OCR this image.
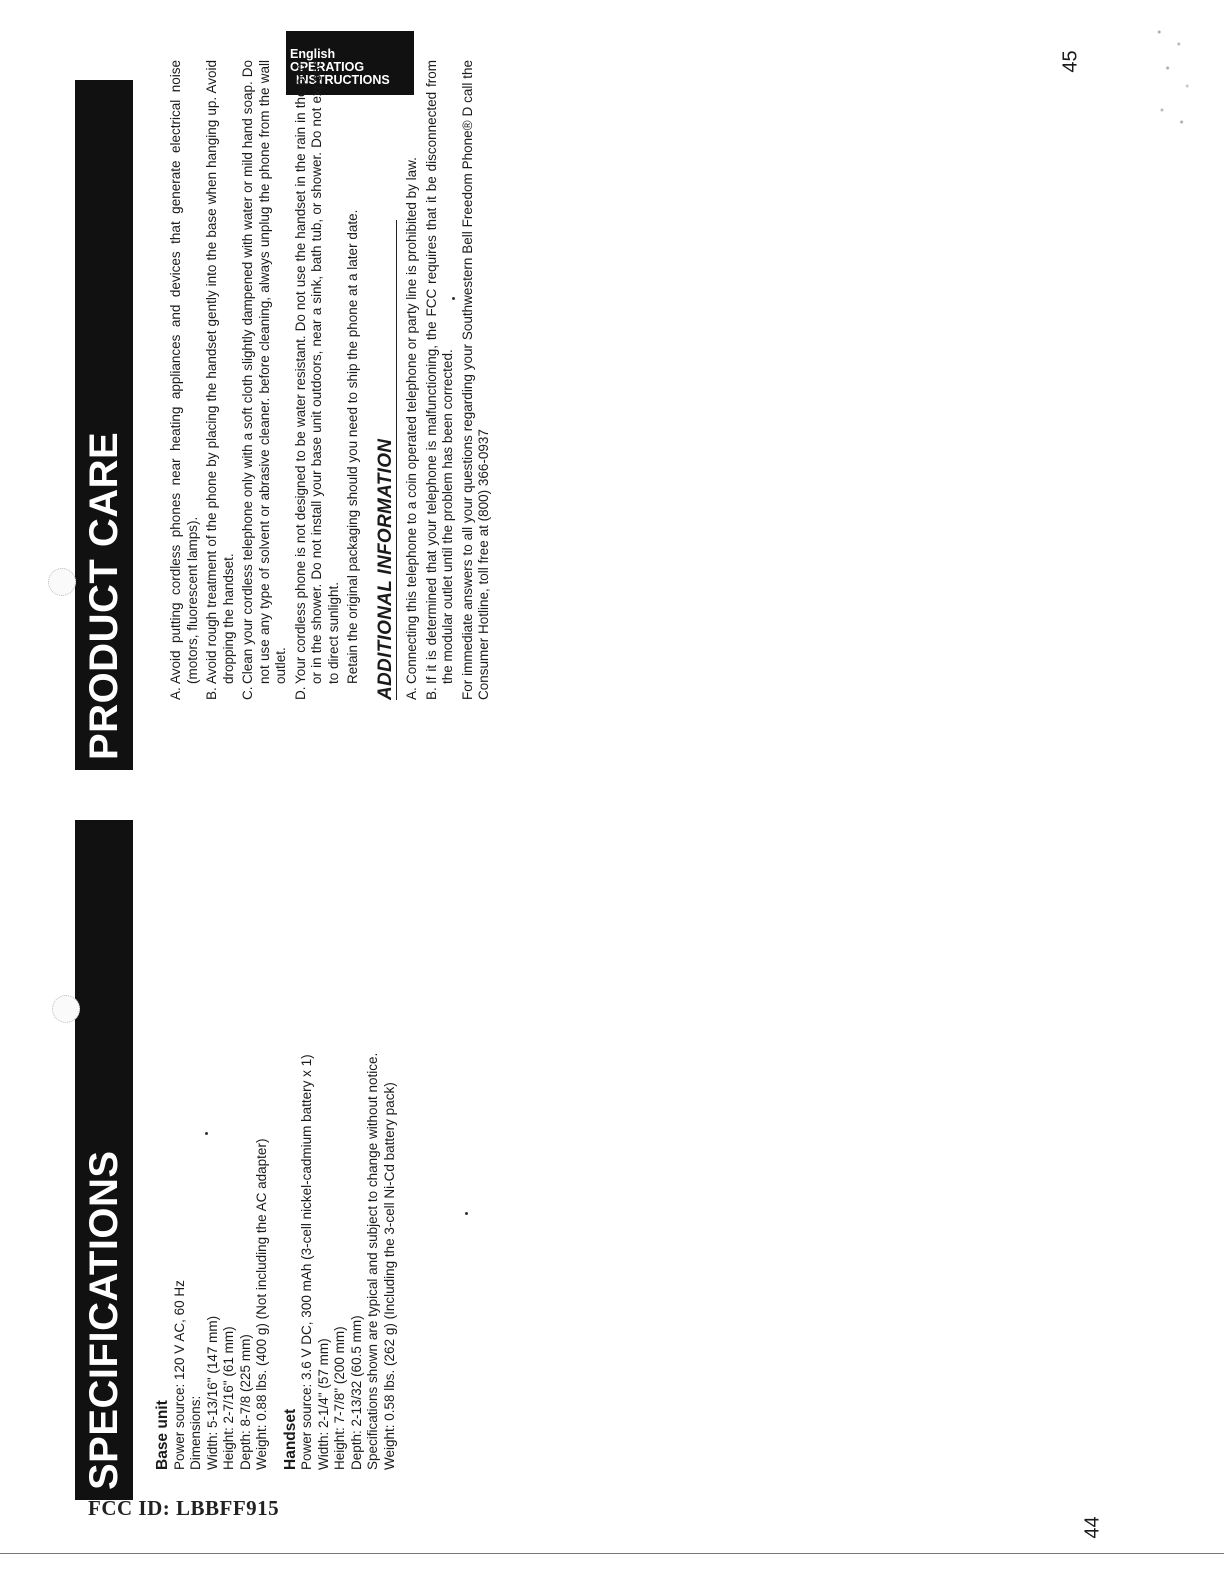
English
OPERATIOG
INSTRUCTIONS
45
44
SPECIFICATIONS	Base unit Power source: 120 V AC, 60 Hz Dimensions: Width: 5-13/16" (147 mm) Height: 2-7/16" (61 mm) Depth: 8-7/8 (225 mm) Weight: 0.88 lbs. (400 g) (Not including the AC adapter) Handset Power source: 3.6 V DC, 300 mAh (3-cell nickel-cadmium battery x 1) Width: 2-1/4" (57 mm) Height: 7-7/8" (200 mm) Depth: 2-13/32 (60.5 mm) Specifications shown are typical and subject to change without notice. Weight: 0.58 lbs. (262 g) (Including the 3-cell Ni-Cd battery pack)

PRODUCT CARE	A.
Avoid putting cordless phones near heating appliances and devices that generate electrical noise (motors, fluorescent lamps).
B.
Avoid rough treatment of the phone by placing the handset gently into the base when hanging up. Avoid dropping the handset.
C.
Clean your cordless telephone only with a soft cloth slightly dampened with water or mild hand soap. Do not use any type of solvent or abrasive cleaner. before cleaning, always unplug the phone from the wall outlet.
D.
Your cordless phone is not designed to be water resistant. Do not use the handset in the rain in the pool or in the shower. Do not install your base unit outdoors, near a sink, bath tub, or shower. Do not expose to direct sunlight. Retain the original packaging should you need to ship the phone at a later date. ADDITIONAL INFORMATION A.
Connecting this telephone to a coin operated telephone or party line is prohibited by law.
B.
If it is determined that your telephone is malfunctioning, the FCC requires that it be disconnected from the modular outlet until the problem has been corrected. For immediate answers to all your questions regarding your Southwestern Bell Freedom Phone® D call the Consumer Hotline, toll free at (800) 366-0937

FCC ID: LBBFF915
